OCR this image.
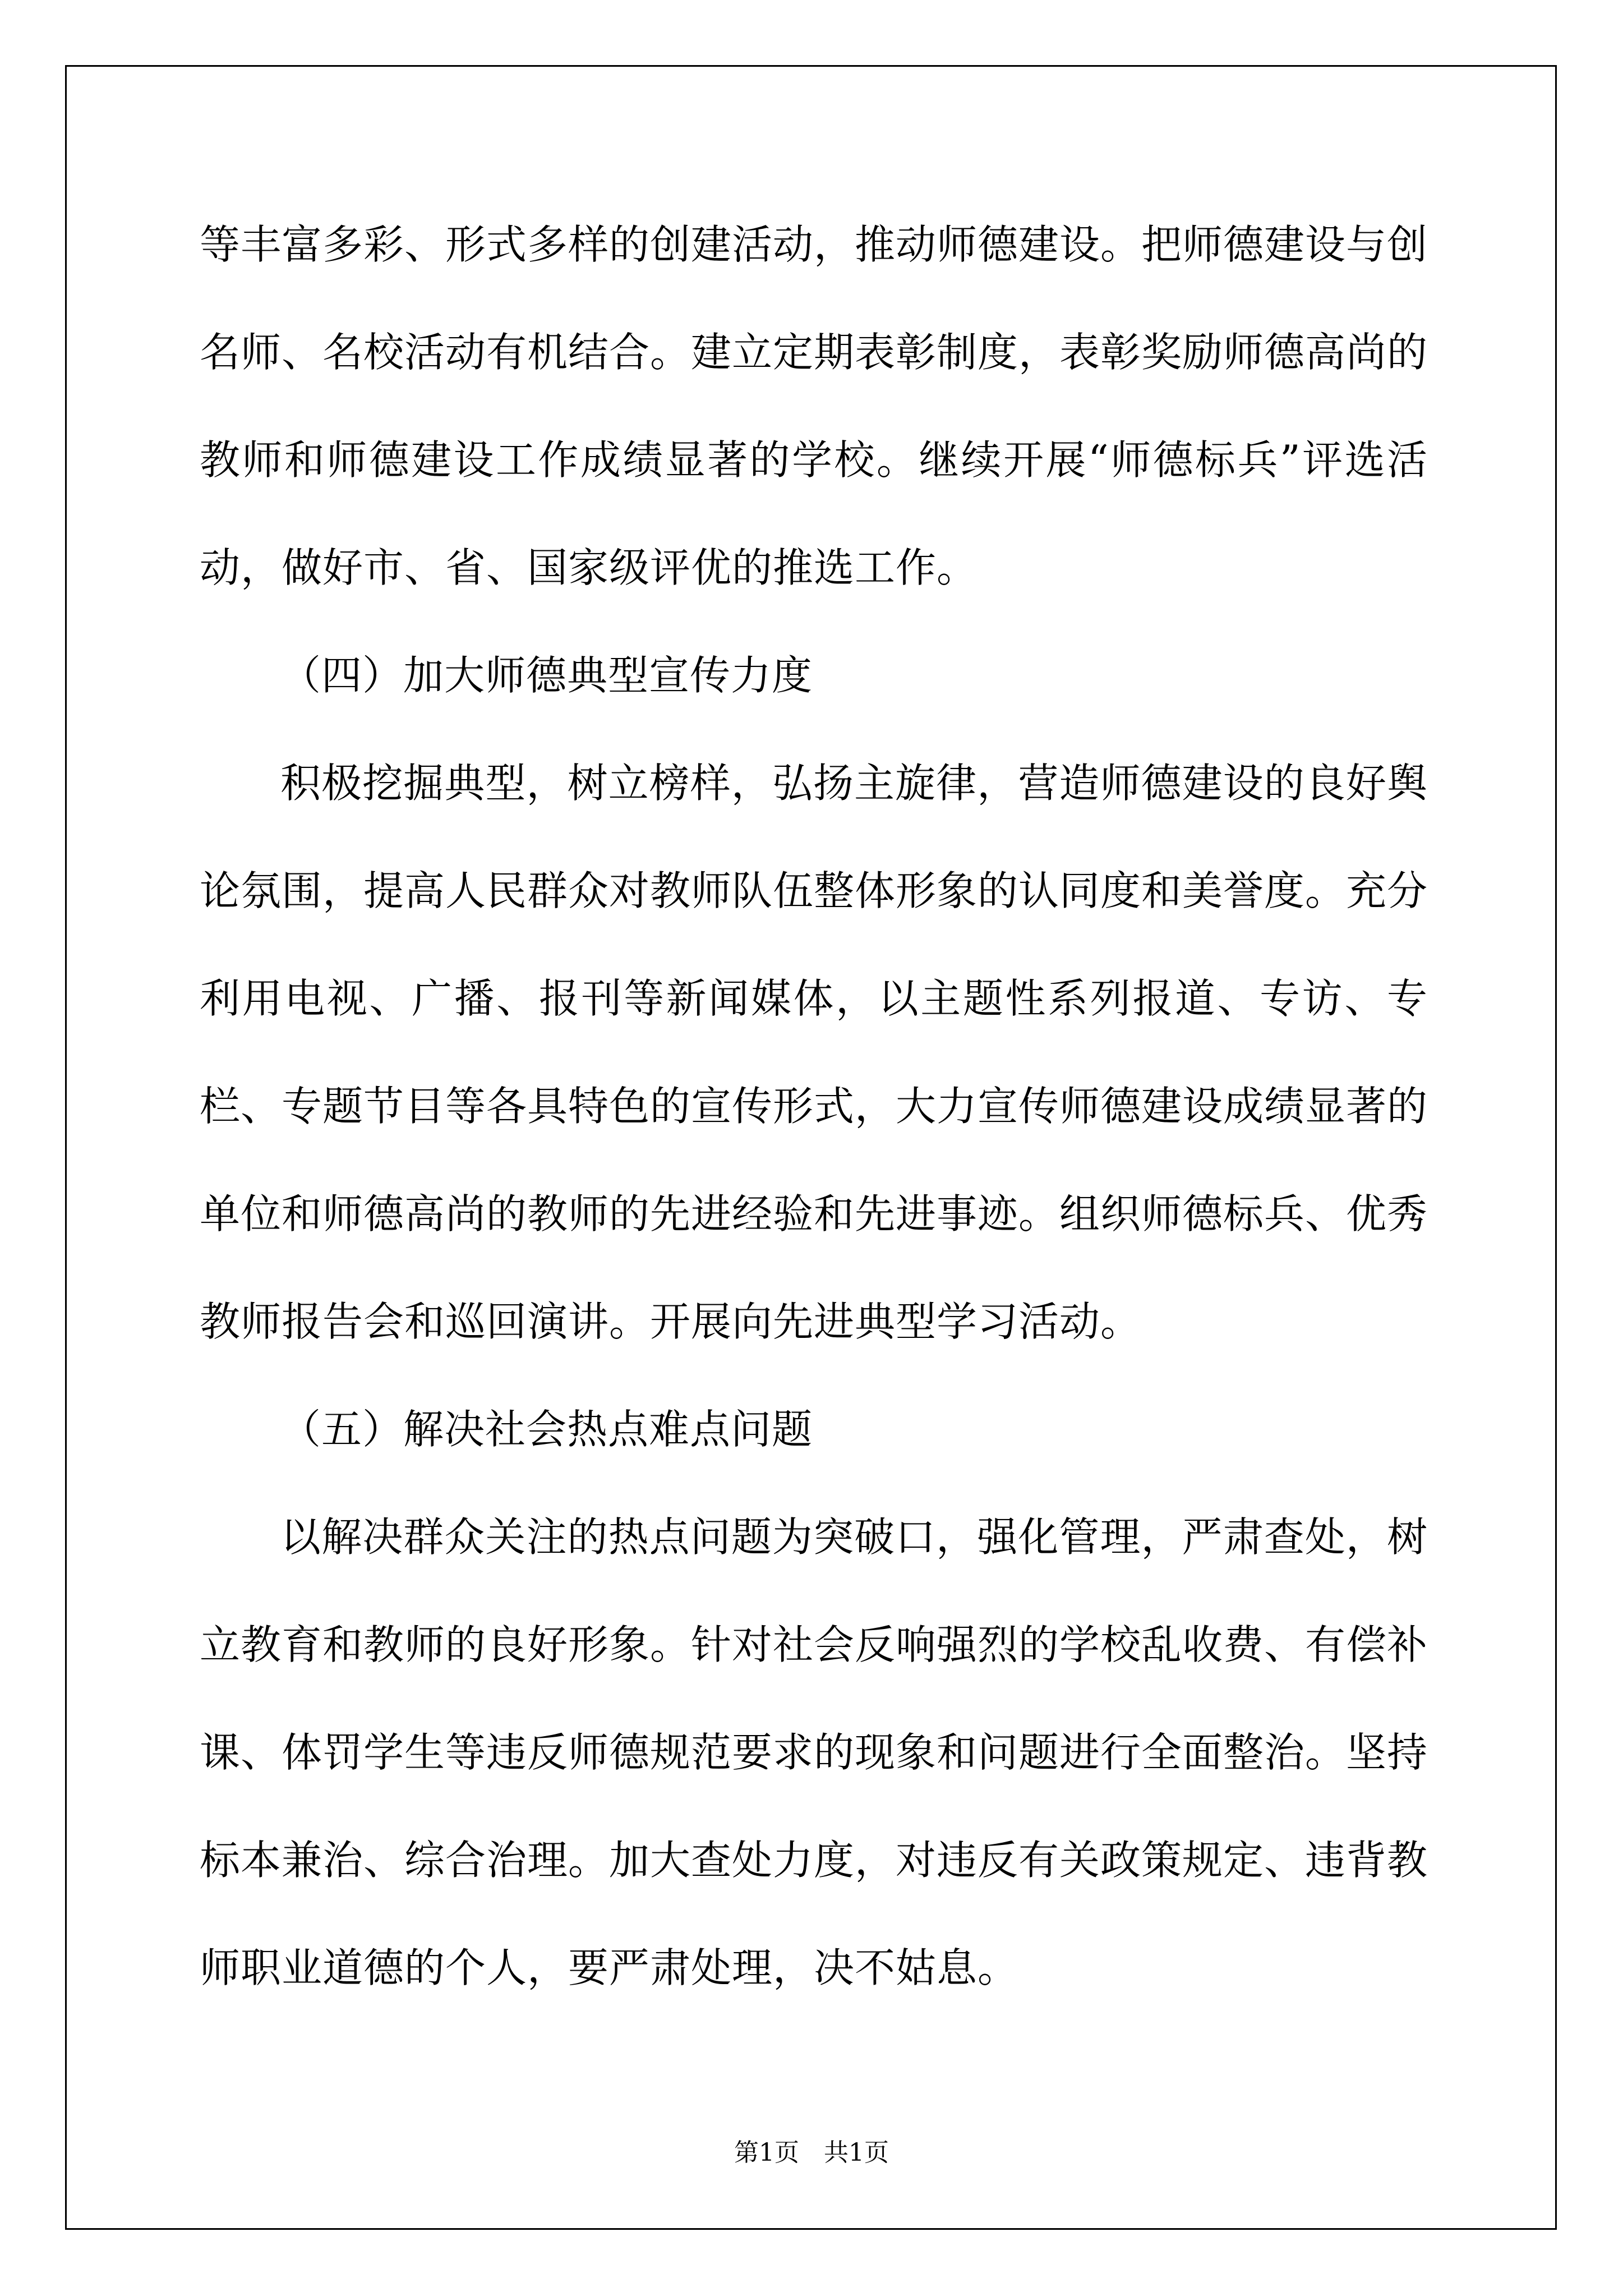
等丰富多彩、形式多样的创建活动，推动师德建设。把师德建设与创名师、名校活动有机结合。建立定期表彰制度，表彰奖励师德高尚的教师和师德建设工作成绩显著的学校。继续开展“师德标兵”评选活动，做好市、省、国家级评优的推选工作。

（四）加大师德典型宣传力度

积极挖掘典型，树立榜样，弘扬主旋律，营造师德建设的良好舆论氛围，提高人民群众对教师队伍整体形象的认同度和美誉度。充分利用电视、广播、报刊等新闻媒体，以主题性系列报道、专访、专栏、专题节目等各具特色的宣传形式，大力宣传师德建设成绩显著的单位和师德高尚的教师的先进经验和先进事迹。组织师德标兵、优秀教师报告会和巡回演讲。开展向先进典型学习活动。

（五）解决社会热点难点问题

以解决群众关注的热点问题为突破口，强化管理，严肃查处，树立教育和教师的良好形象。针对社会反响强烈的学校乱收费、有偿补课、体罚学生等违反师德规范要求的现象和问题进行全面整治。坚持标本兼治、综合治理。加大查处力度，对违反有关政策规定、违背教师职业道德的个人，要严肃处理，决不姑息。

第1页　共1页
